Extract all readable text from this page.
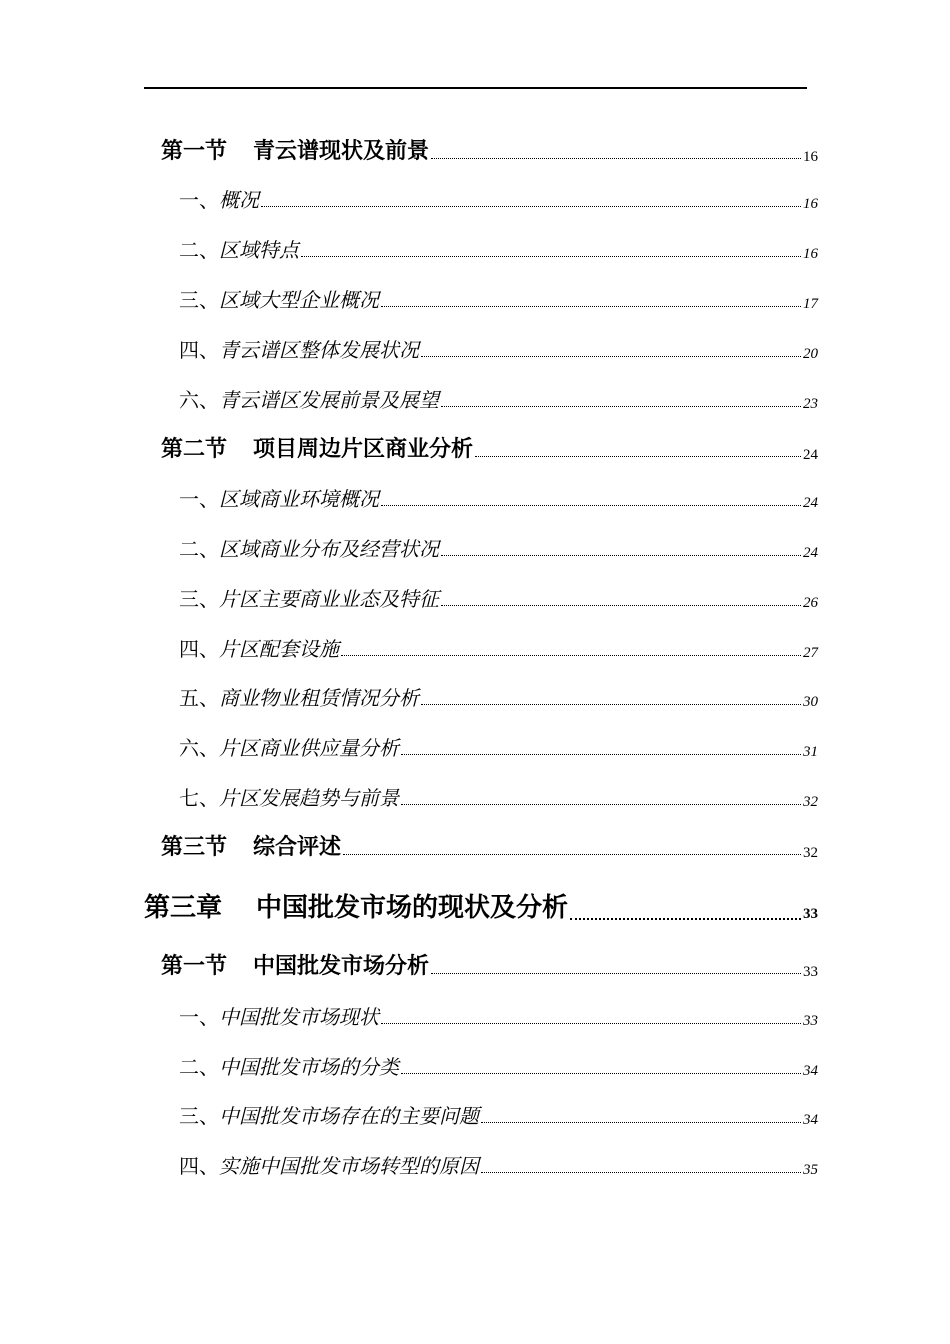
第一节 青云谱现状及前景	16
一、 概况	16
二、 区域特点	16
三、 区域大型企业概况	17
四、 青云谱区整体发展状况	20
六、 青云谱区发展前景及展望	23
第二节 项目周边片区商业分析	24
一、 区域商业环境概况	24
二、 区域商业分布及经营状况	24
三、 片区主要商业业态及特征	26
四、 片区配套设施	27
五、 商业物业租赁情况分析	30
六、 片区商业供应量分析	31
七、 片区发展趋势与前景	32
第三节 综合评述	32
第三章 中国批发市场的现状及分析	33
第一节 中国批发市场分析	33
一、 中国批发市场现状	33
二、 中国批发市场的分类	34
三、 中国批发市场存在的主要问题	34
四、 实施中国批发市场转型的原因	35
